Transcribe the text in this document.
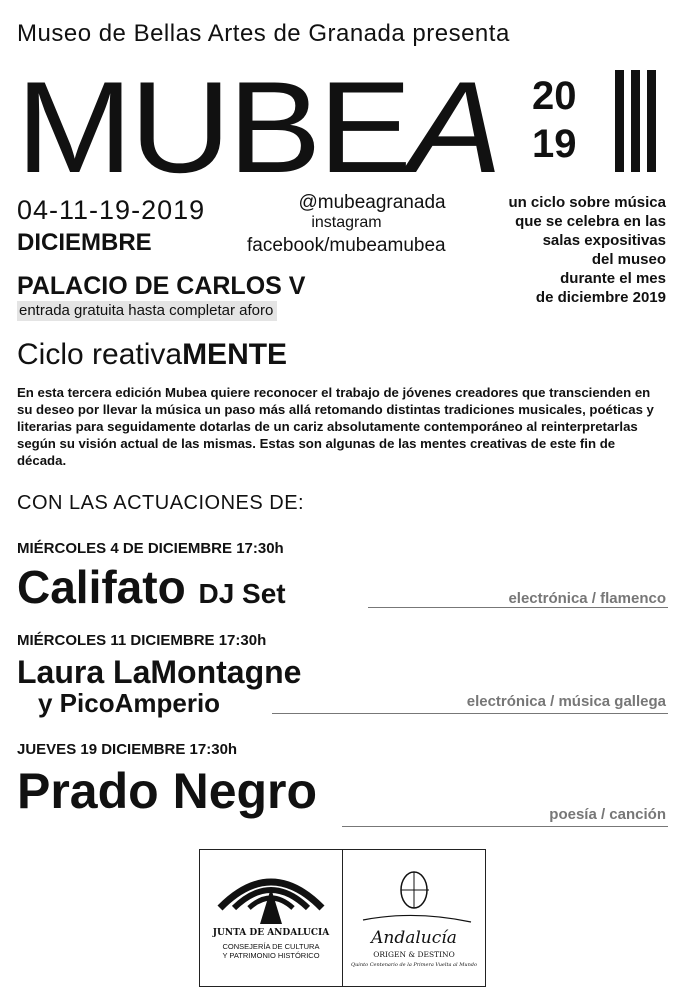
Museo de Bellas Artes de Granada presenta
MUBEA 20
19
04-11-19-2019
DICIEMBRE
@mubeagranada
instagram
facebook/mubeamubea
un ciclo sobre música
que se celebra en las
salas expositivas
del museo
durante el mes
de diciembre 2019
PALACIO DE CARLOS V
entrada gratuita hasta completar aforo
Ciclo reativaMENTE
En esta tercera edición Mubea quiere reconocer el trabajo de jóvenes creadores que transcienden en su deseo por llevar la música un paso más allá retomando distintas tradiciones musicales, poéticas y literarias para seguidamente dotarlas de un cariz absolutamente contemporáneo al reinterpretarlas según su visión actual de las mismas. Estas son algunas de las mentes creativas de este fin de década.
CON LAS ACTUACIONES DE:
MIÉRCOLES 4 DE DICIEMBRE 17:30h
Califato DJ Set	electrónica / flamenco
MIÉRCOLES 11 DICIEMBRE 17:30h
Laura LaMontagne
y PicoAmperio	electrónica / música gallega
JUEVES 19 DICIEMBRE 17:30h
Prado Negro	poesía / canción
JUNTA DE ANDALUCIA
CONSEJERÍA DE CULTURA
Y PATRIMONIO HISTÓRICO
Andalucía
ORIGEN & DESTINO
Quinto Centenario de la Primera Vuelta al Mundo
